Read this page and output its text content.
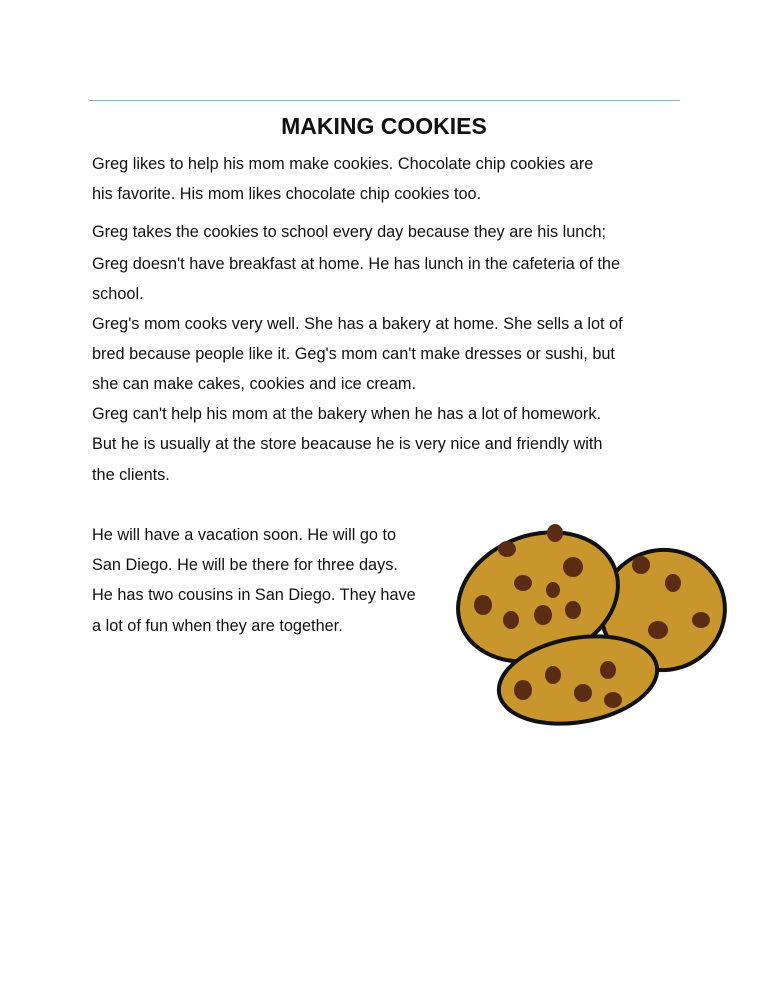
MAKING COOKIES
Greg likes to help his mom make cookies. Chocolate chip cookies are
his favorite. His mom likes chocolate chip cookies too.
Greg takes the cookies to school every day because they are his lunch;
Greg doesn't have breakfast at home. He has lunch in the cafeteria of the
school.
Greg's mom cooks very well. She has a bakery at home. She sells a lot of
bred because people like it. Geg's mom can't make dresses or sushi, but
she can make cakes, cookies and ice cream.
Greg can't help his mom at the bakery when he has a lot of homework.
But he is usually at the store beacause he is very nice and friendly with
the clients.
He will have a vacation soon. He will go to
San Diego. He will be there for three days.
He has two cousins in San Diego. They have
a lot of fun when they are together.
